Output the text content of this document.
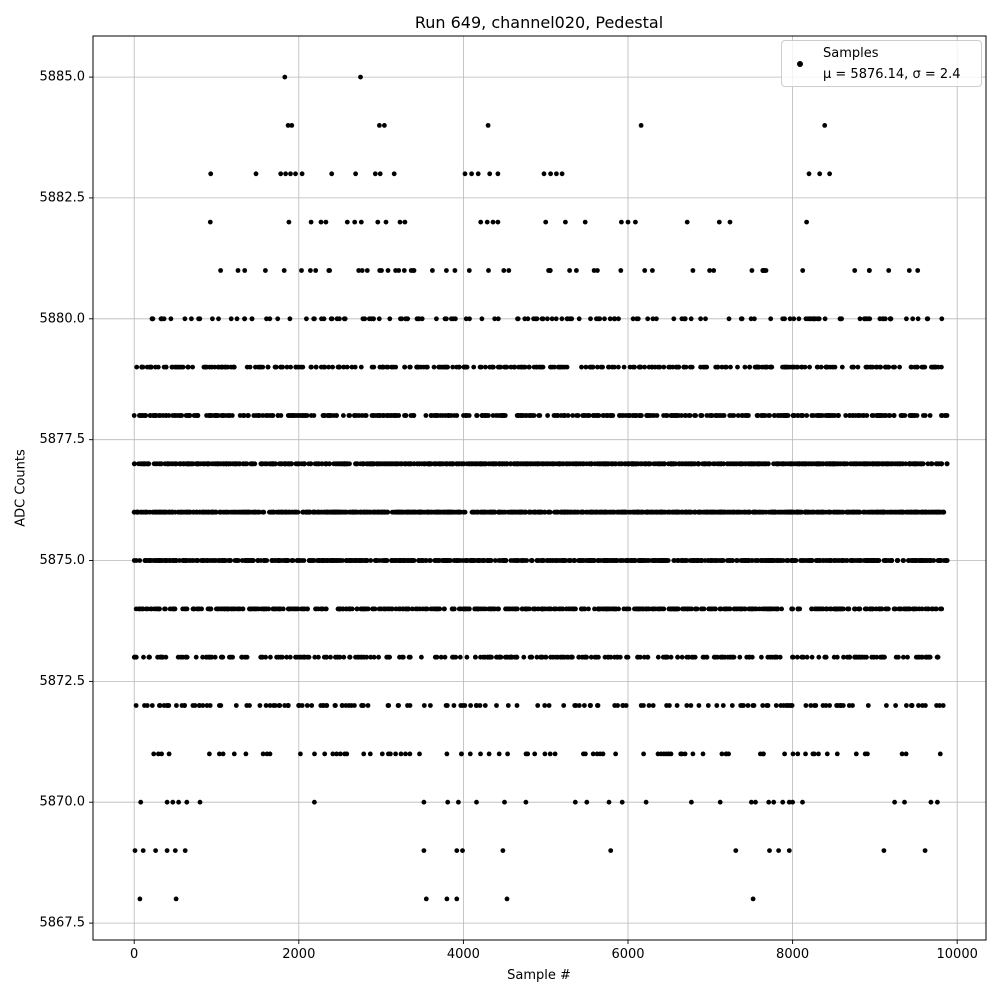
0	2000	4000	6000	8000	10000
5867.5
5870.0
5872.5
5875.0
5877.5
5880.0
5882.5
5885.0
Run 649, channel020, Pedestal
Sample #
ADC Counts
Samples
μ = 5876.14, σ = 2.4
